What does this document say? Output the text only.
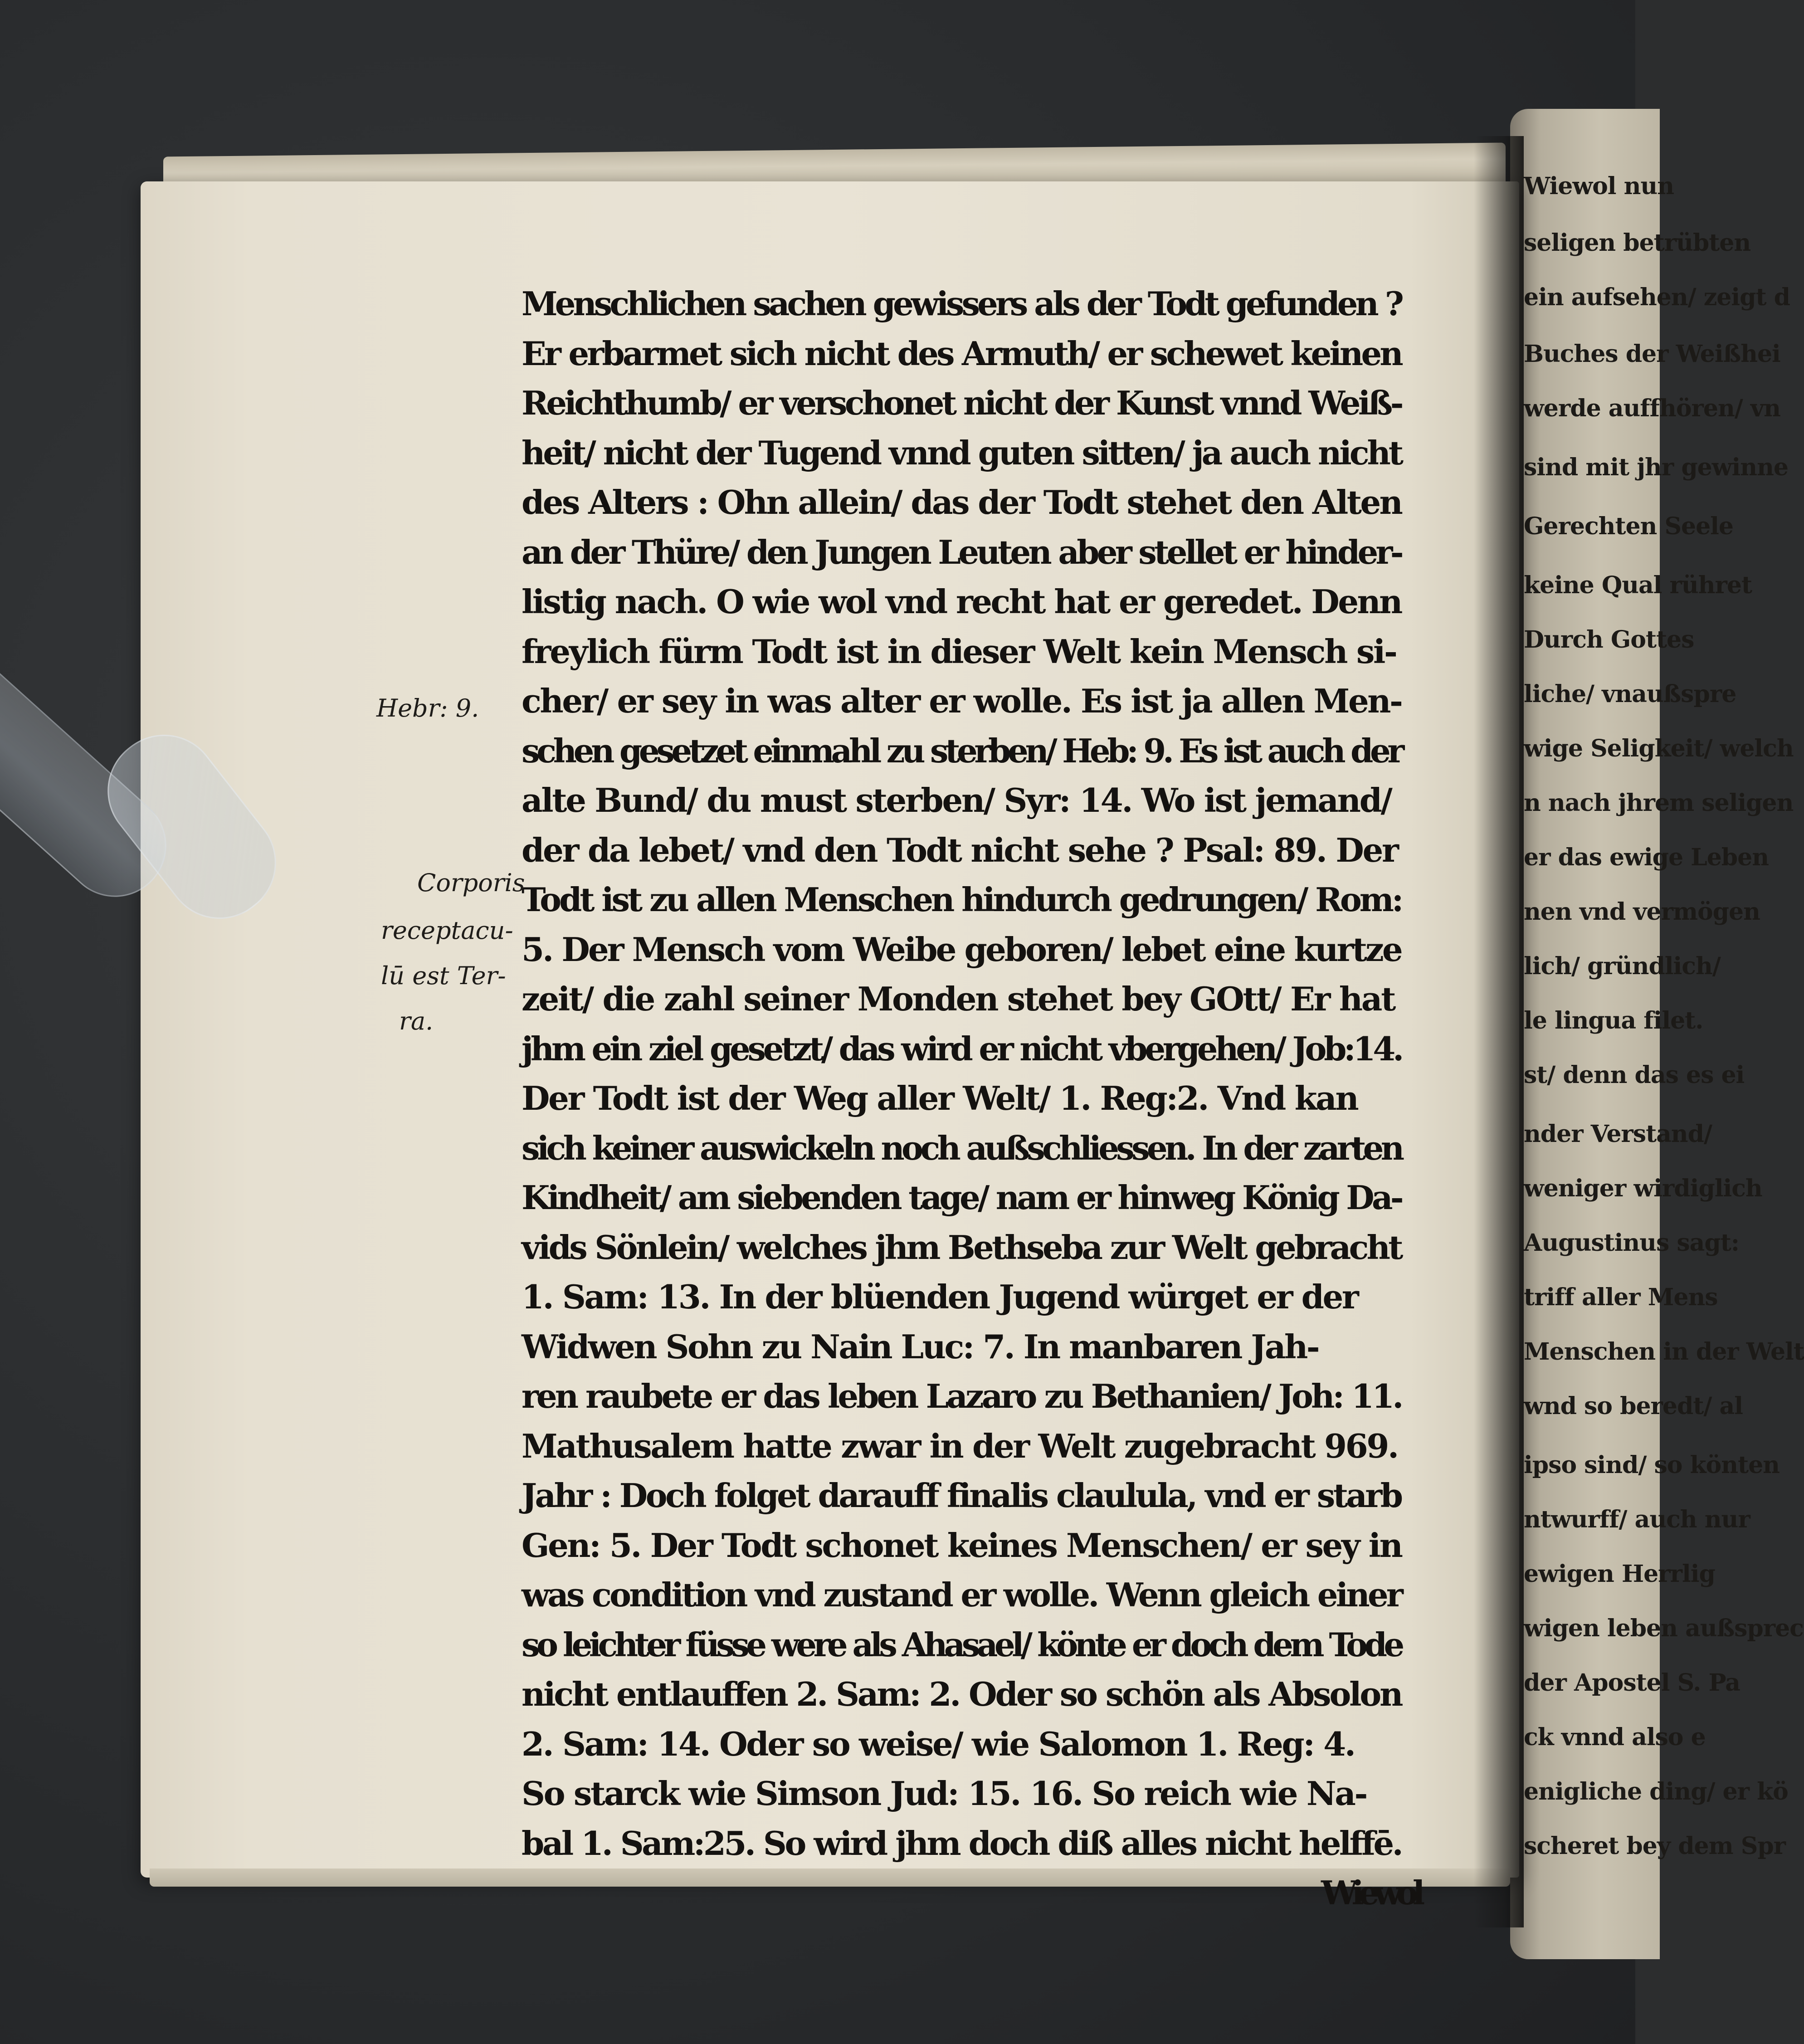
Wiewol nun
seligen betrübten
ein aufsehen/ zeigt d
Buches der Weißhei
werde auffhören/ vn
sind mit jhr gewinne
Gerechten Seele
keine Qual rühret
Durch Gottes
liche/ vnaußspre
wige Seligkeit/ welch
n nach jhrem seligen
er das ewige Leben
nen vnd vermögen
lich/ gründlich/
le lingua filet.
st/ denn das es ei
nder Verstand/
weniger wirdiglich
Augustinus sagt:
triff aller Mens
Menschen in der Welt
wnd so beredt/ al
ipso sind/ so könten
ntwurff/ auch nur
ewigen Herrlig
wigen leben außsprec
der Apostel S. Pa
ck vnnd also e
enigliche ding/ er kö
scheret bey dem Spr
Menschlichen sachen gewissers als der Todt gefunden ?
Er erbarmet sich nicht des Armuth/ er schewet keinen
Reichthumb/ er verschonet nicht der Kunst vnnd Weiß-
heit/ nicht der Tugend vnnd guten sitten/ ja auch nicht
des Alters : Ohn allein/ das der Todt stehet den Alten
an der Thüre/ den Jungen Leuten aber stellet er hinder-
listig nach. O wie wol vnd recht hat er geredet. Denn
freylich fürm Todt ist in dieser Welt kein Mensch si-
cher/ er sey in was alter er wolle. Es ist ja allen Men-
schen gesetzet einmahl zu sterben/ Heb: 9. Es ist auch der
alte Bund/ du must sterben/ Syr: 14. Wo ist jemand/
der da lebet/ vnd den Todt nicht sehe ? Psal: 89. Der
Todt ist zu allen Menschen hindurch gedrungen/ Rom:
5. Der Mensch vom Weibe geboren/ lebet eine kurtze
zeit/ die zahl seiner Monden stehet bey GOtt/ Er hat
jhm ein ziel gesetzt/ das wird er nicht vbergehen/ Job:14.
Der Todt ist der Weg aller Welt/ 1. Reg:2. Vnd kan
sich keiner auswickeln noch außschliessen. In der zarten
Kindheit/ am siebenden tage/ nam er hinweg König Da-
vids Sönlein/ welches jhm Bethseba zur Welt gebracht
1. Sam: 13. In der blüenden Jugend würget er der
Widwen Sohn zu Nain Luc: 7. In manbaren Jah-
ren raubete er das leben Lazaro zu Bethanien/ Joh: 11.
Mathusalem hatte zwar in der Welt zugebracht 969.
Jahr : Doch folget darauff finalis claulula, vnd er starb
Gen: 5. Der Todt schonet keines Menschen/ er sey in
was condition vnd zustand er wolle. Wenn gleich einer
so leichter füsse were als Ahasael/ könte er doch dem Tode
nicht entlauffen 2. Sam: 2. Oder so schön als Absolon
2. Sam: 14. Oder so weise/ wie Salomon 1. Reg: 4.
So starck wie Simson Jud: 15. 16. So reich wie Na-
bal 1. Sam:25. So wird jhm doch diß alles nicht helffē.
Wiewol
Hebr: 9.
Corporis
receptacu-
lū est Ter-
ra.
